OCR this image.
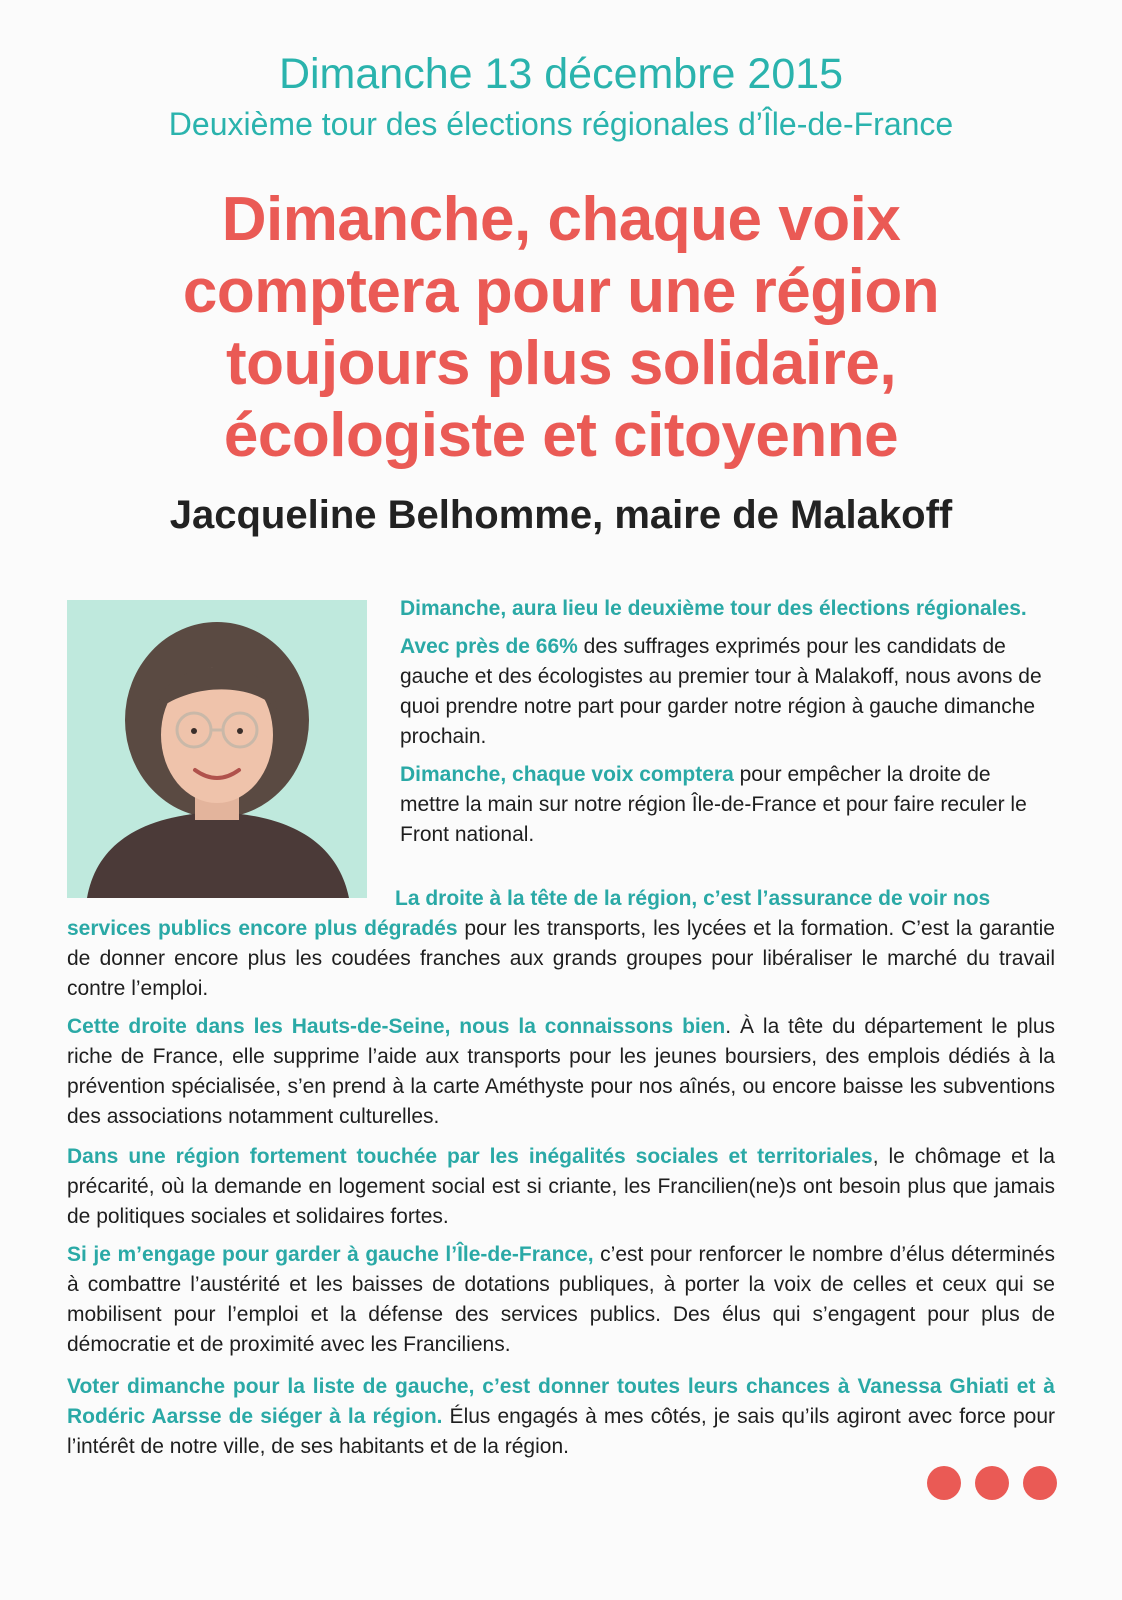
Dimanche 13 décembre 2015
Deuxième tour des élections régionales d’Île-de-France
Dimanche, chaque voix
comptera pour une région
toujours plus solidaire,
écologiste et citoyenne
Jacqueline Belhomme, maire de Malakoff

Dimanche, aura lieu le deuxième tour des élections régionales.

Avec près de 66% des suffrages exprimés pour les candidats de gauche et des écologistes au premier tour à Malakoff, nous avons de quoi prendre notre part pour garder notre région à gauche dimanche prochain.

Dimanche, chaque voix comptera pour empêcher la droite de mettre la main sur notre région Île-de-France et pour faire reculer le Front national.

La droite à la tête de la région, c’est l’assurance de voir nos

services publics encore plus dégradés pour les transports, les lycées et la formation. C’est la garantie de donner encore plus les coudées franches aux grands groupes pour libéraliser le marché du travail contre l’emploi.

Cette droite dans les Hauts-de-Seine, nous la connaissons bien. À la tête du département le plus riche de France, elle supprime l’aide aux transports pour les jeunes boursiers, des emplois dédiés à la prévention spécialisée, s’en prend à la carte Améthyste pour nos aînés, ou encore baisse les subventions des associations notamment culturelles.

Dans une région fortement touchée par les inégalités sociales et territoriales, le chômage et la précarité, où la demande en logement social est si criante, les Francilien(ne)s ont besoin plus que jamais de politiques sociales et solidaires fortes.

Si je m’engage pour garder à gauche l’Île-de-France, c’est pour renforcer le nombre d’élus déterminés à combattre l’austérité et les baisses de dotations publiques, à porter la voix de celles et ceux qui se mobilisent pour l’emploi et la défense des services publics. Des élus qui s’engagent pour plus de démocratie et de proximité avec les Franciliens.

Voter dimanche pour la liste de gauche, c’est donner toutes leurs chances à Vanessa Ghiati et à Rodéric Aarsse de siéger à la région. Élus engagés à mes côtés, je sais qu’ils agiront avec force pour l’intérêt de notre ville, de ses habitants et de la région.
